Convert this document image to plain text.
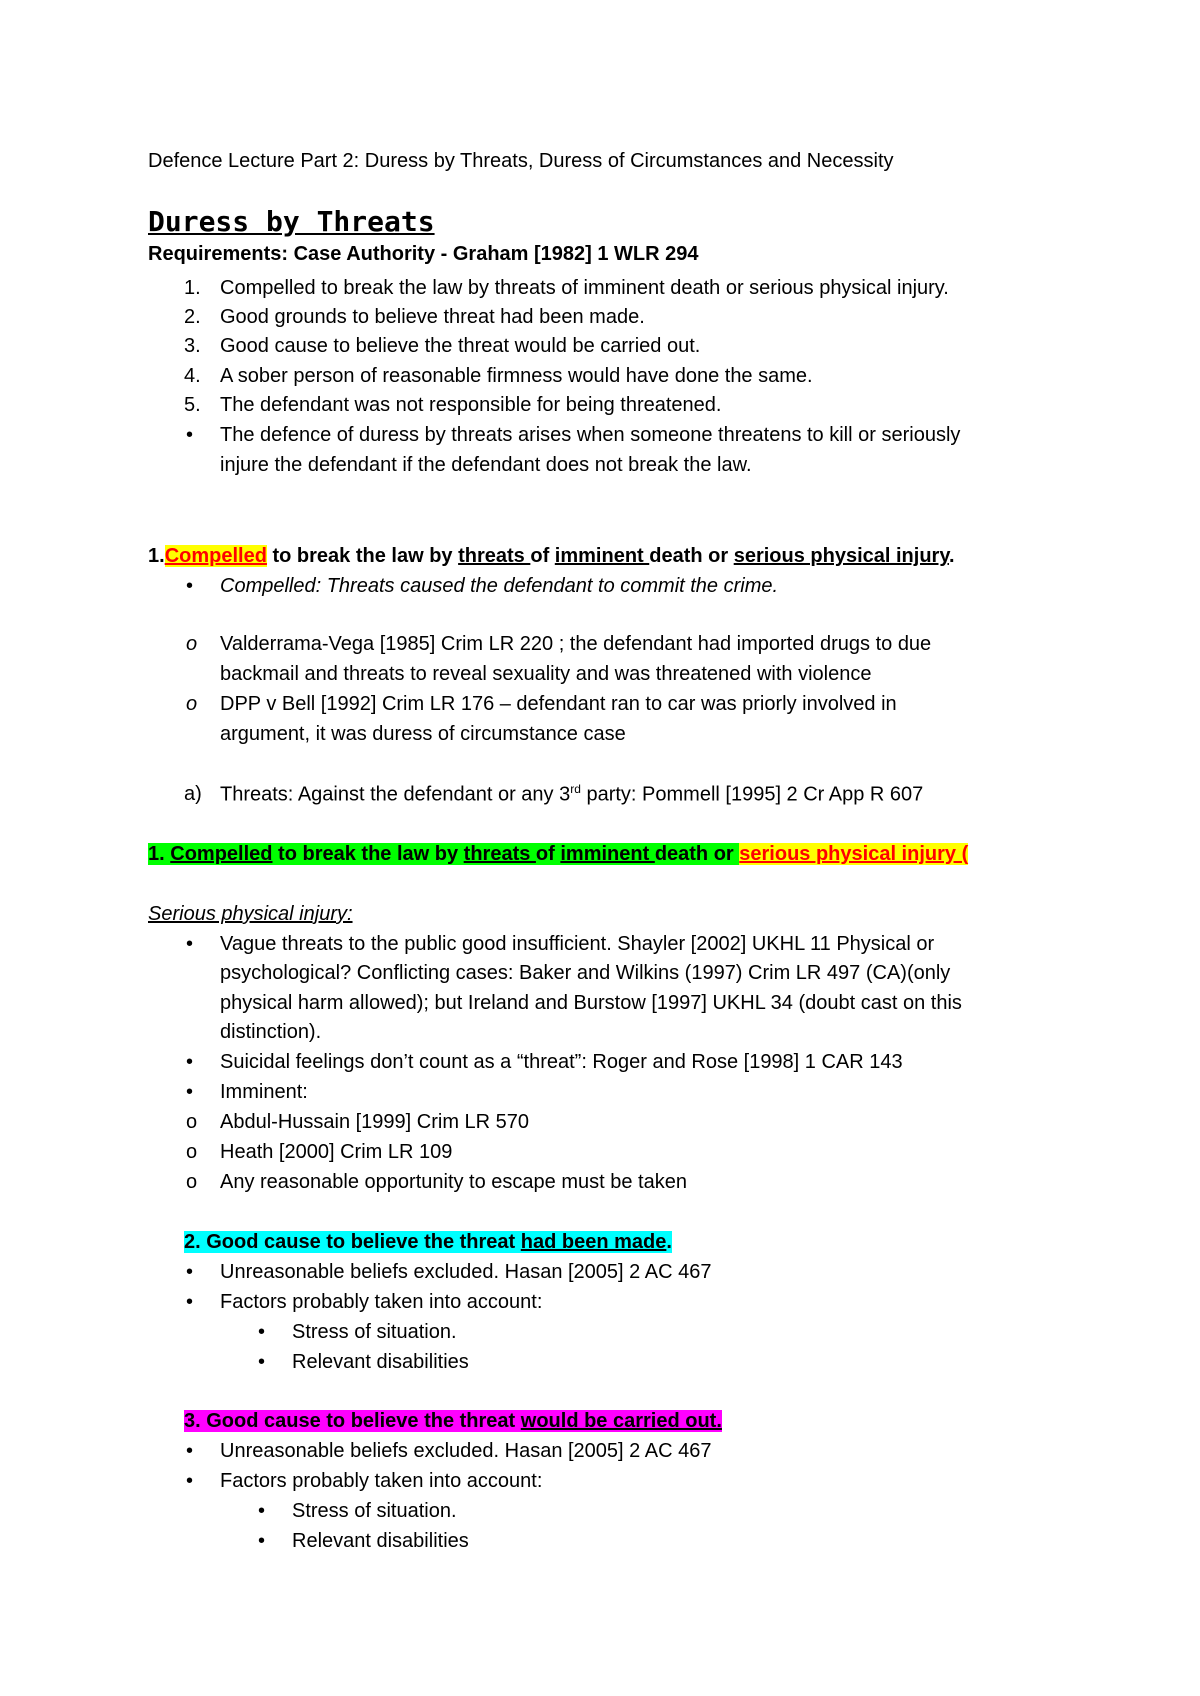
Defence Lecture Part 2: Duress by Threats, Duress of Circumstances and Necessity
Duress by Threats
Requirements: Case Authority - Graham [1982] 1 WLR 294
1. Compelled to break the law by threats of imminent death or serious physical injury.
2. Good grounds to believe threat had been made.
3. Good cause to believe the threat would be carried out.
4. A sober person of reasonable firmness would have done the same.
5. The defendant was not responsible for being threatened.
• The defence of duress by threats arises when someone threatens to kill or seriously
injure the defendant if the defendant does not break the law.
1.Compelled to break the law by threats of imminent death or serious physical injury.
• Compelled: Threats caused the defendant to commit the crime.
o Valderrama-Vega [1985] Crim LR 220 ; the defendant had imported drugs to due
backmail and threats to reveal sexuality and was threatened with violence
o DPP v Bell [1992] Crim LR 176 – defendant ran to car was priorly involved in
argument, it was duress of circumstance case
a) Threats: Against the defendant or any 3rd party: Pommell [1995] 2 Cr App R 607
1. Compelled to break the law by threats of imminent death or serious physical injury (
Serious physical injury:
• Vague threats to the public good insufficient. Shayler [2002] UKHL 11 Physical or
psychological? Conflicting cases: Baker and Wilkins (1997) Crim LR 497 (CA)(only
physical harm allowed); but Ireland and Burstow [1997] UKHL 34 (doubt cast on this
distinction).
• Suicidal feelings don’t count as a “threat”: Roger and Rose [1998] 1 CAR 143
• Imminent:
o Abdul-Hussain [1999] Crim LR 570
o Heath [2000] Crim LR 109
o Any reasonable opportunity to escape must be taken
2. Good cause to believe the threat had been made.
• Unreasonable beliefs excluded. Hasan [2005] 2 AC 467
• Factors probably taken into account:
• Stress of situation.
• Relevant disabilities
3. Good cause to believe the threat would be carried out.
• Unreasonable beliefs excluded. Hasan [2005] 2 AC 467
• Factors probably taken into account:
• Stress of situation.
• Relevant disabilities
